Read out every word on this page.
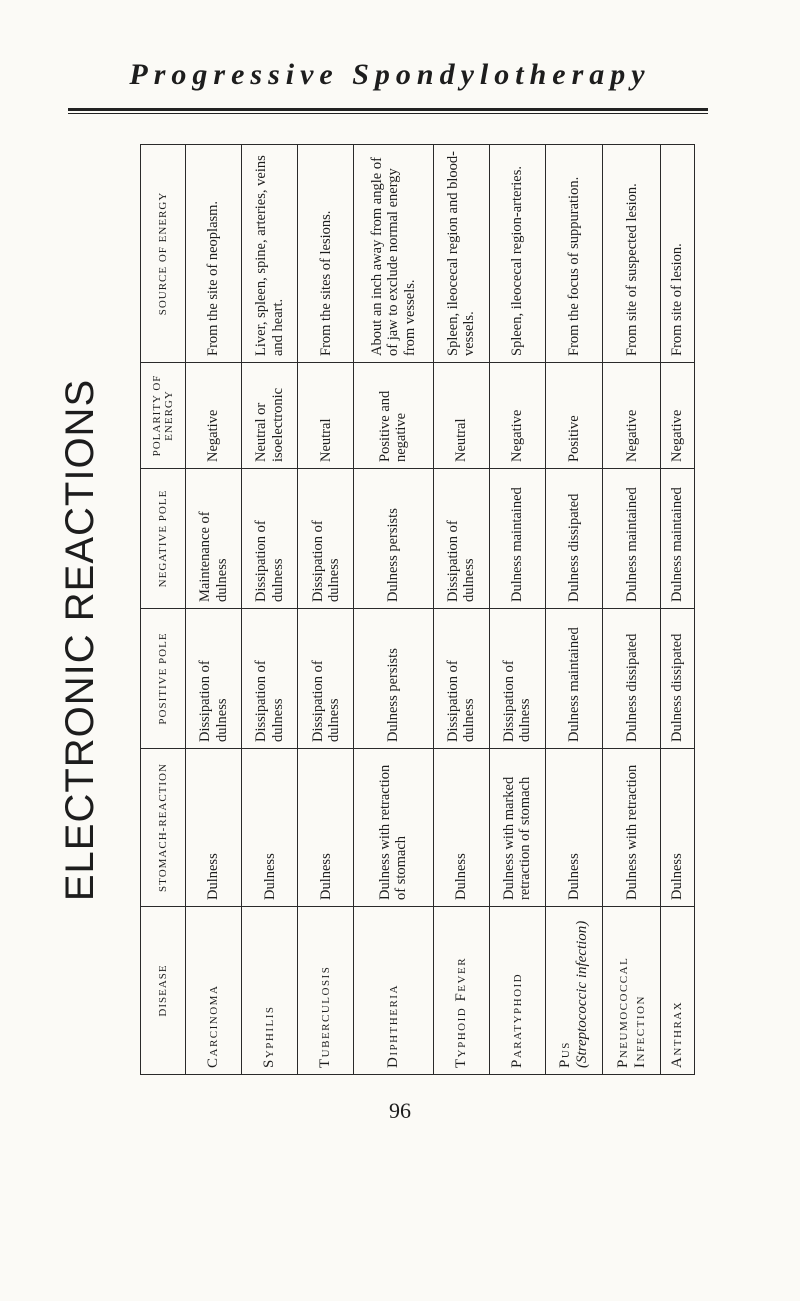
Progressive Spondylotherapy
ELECTRONIC REACTIONS
DISEASE	STOMACH-REACTION	POSITIVE POLE	NEGATIVE POLE	POLARITY OF ENERGY	SOURCE OF ENERGY
Carcinoma	Dulness	Dissipation of dulness	Maintenance of dulness	Negative	From the site of neoplasm.
Syphilis	Dulness	Dissipation of dulness	Dissipation of dulness	Neutral or isoelectronic	Liver, spleen, spine, arteries, veins and heart.
Tuberculosis	Dulness	Dissipation of dulness	Dissipation of dulness	Neutral	From the sites of lesions.
Diphtheria	Dulness with retraction of stomach	Dulness persists	Dulness persists	Positive and negative	About an inch away from angle of of jaw to exclude normal energy from vessels.
Typhoid Fever	Dulness	Dissipation of dulness	Dissipation of dulness	Neutral	Spleen, ileocecal region and blood-vessels.
Paratyphoid	Dulness with marked retraction of stomach	Dissipation of dulness	Dulness maintained	Negative	Spleen, ileocecal region-arteries.
Pus (Streptococcic infection)	Dulness	Dulness maintained	Dulness dissipated	Positive	From the focus of suppuration.
Pneumococcal Infection	Dulness with retraction	Dulness dissipated	Dulness maintained	Negative	From site of suspected lesion.
Anthrax	Dulness	Dulness dissipated	Dulness maintained	Negative	From site of lesion.
96
